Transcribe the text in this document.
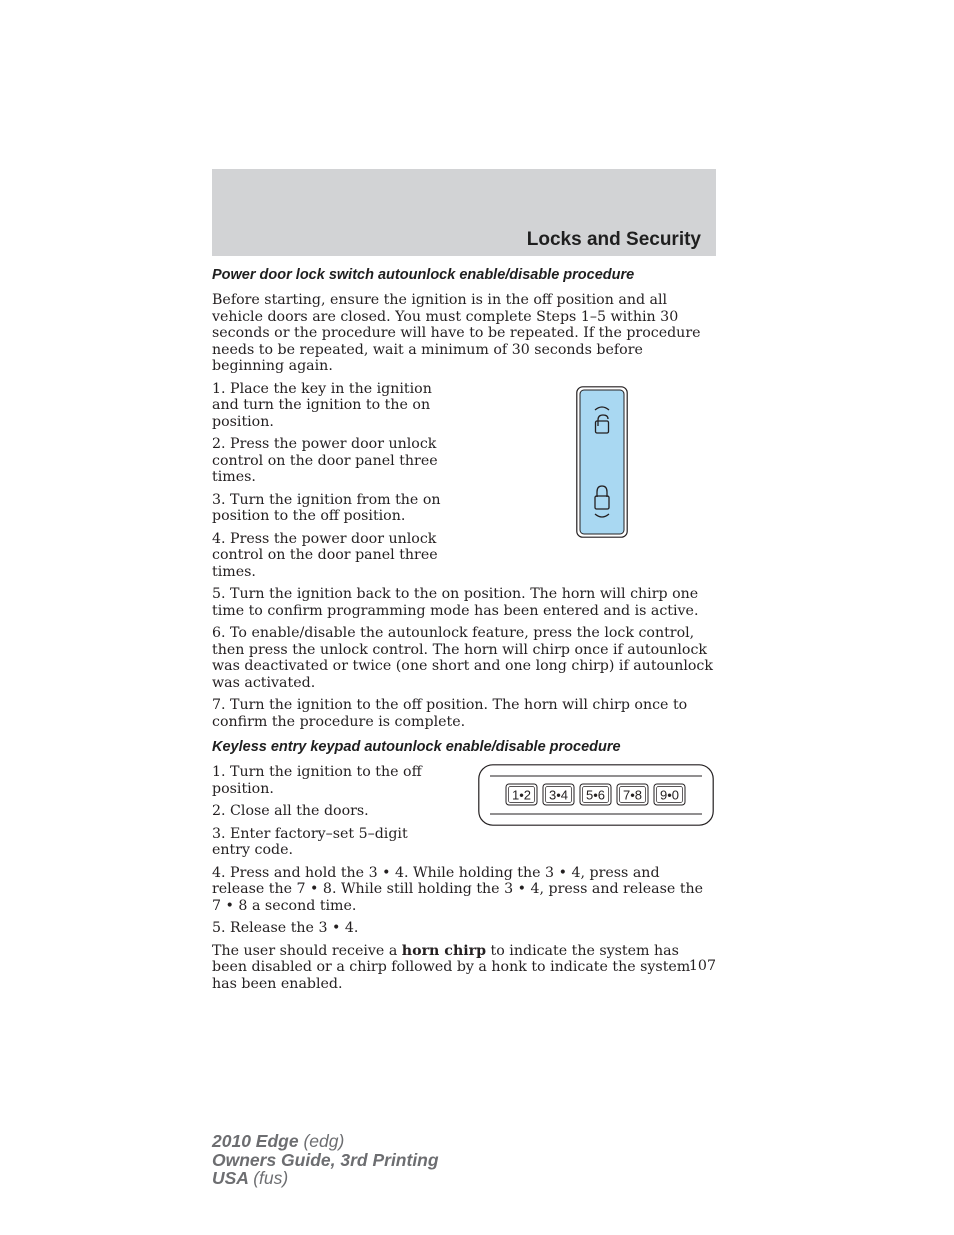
Locks and Security
Power door lock switch autounlock enable/disable procedure

Before starting, ensure the ignition is in the off position and all vehicle doors are closed. You must complete Steps 1–5 within 30 seconds or the procedure will have to be repeated. If the procedure needs to be repeated, wait a minimum of 30 seconds before beginning again.

1. Place the key in the ignition and turn the ignition to the on position.

2. Press the power door unlock control on the door panel three times.

3. Turn the ignition from the on position to the off position.

4. Press the power door unlock control on the door panel three times.

5. Turn the ignition back to the on position. The horn will chirp one time to confirm programming mode has been entered and is active.

6. To enable/disable the autounlock feature, press the lock control, then press the unlock control. The horn will chirp once if autounlock was deactivated or twice (one short and one long chirp) if autounlock was activated.

7. Turn the ignition to the off position. The horn will chirp once to confirm the procedure is complete.

Keyless entry keypad autounlock enable/disable procedure

1. Turn the ignition to the off position.

2. Close all the doors.

3. Enter factory–set 5–digit entry code.

1•2 3•4 5•6 7•8 9•0

4. Press and hold the 3 • 4. While holding the 3 • 4, press and release the 7 • 8. While still holding the 3 • 4, press and release the 7 • 8 a second time.

5. Release the 3 • 4.

The user should receive a horn chirp to indicate the system has been disabled or a chirp followed by a honk to indicate the system has been enabled.

107

2010 Edge (edg)
Owners Guide, 3rd Printing
USA (fus)
